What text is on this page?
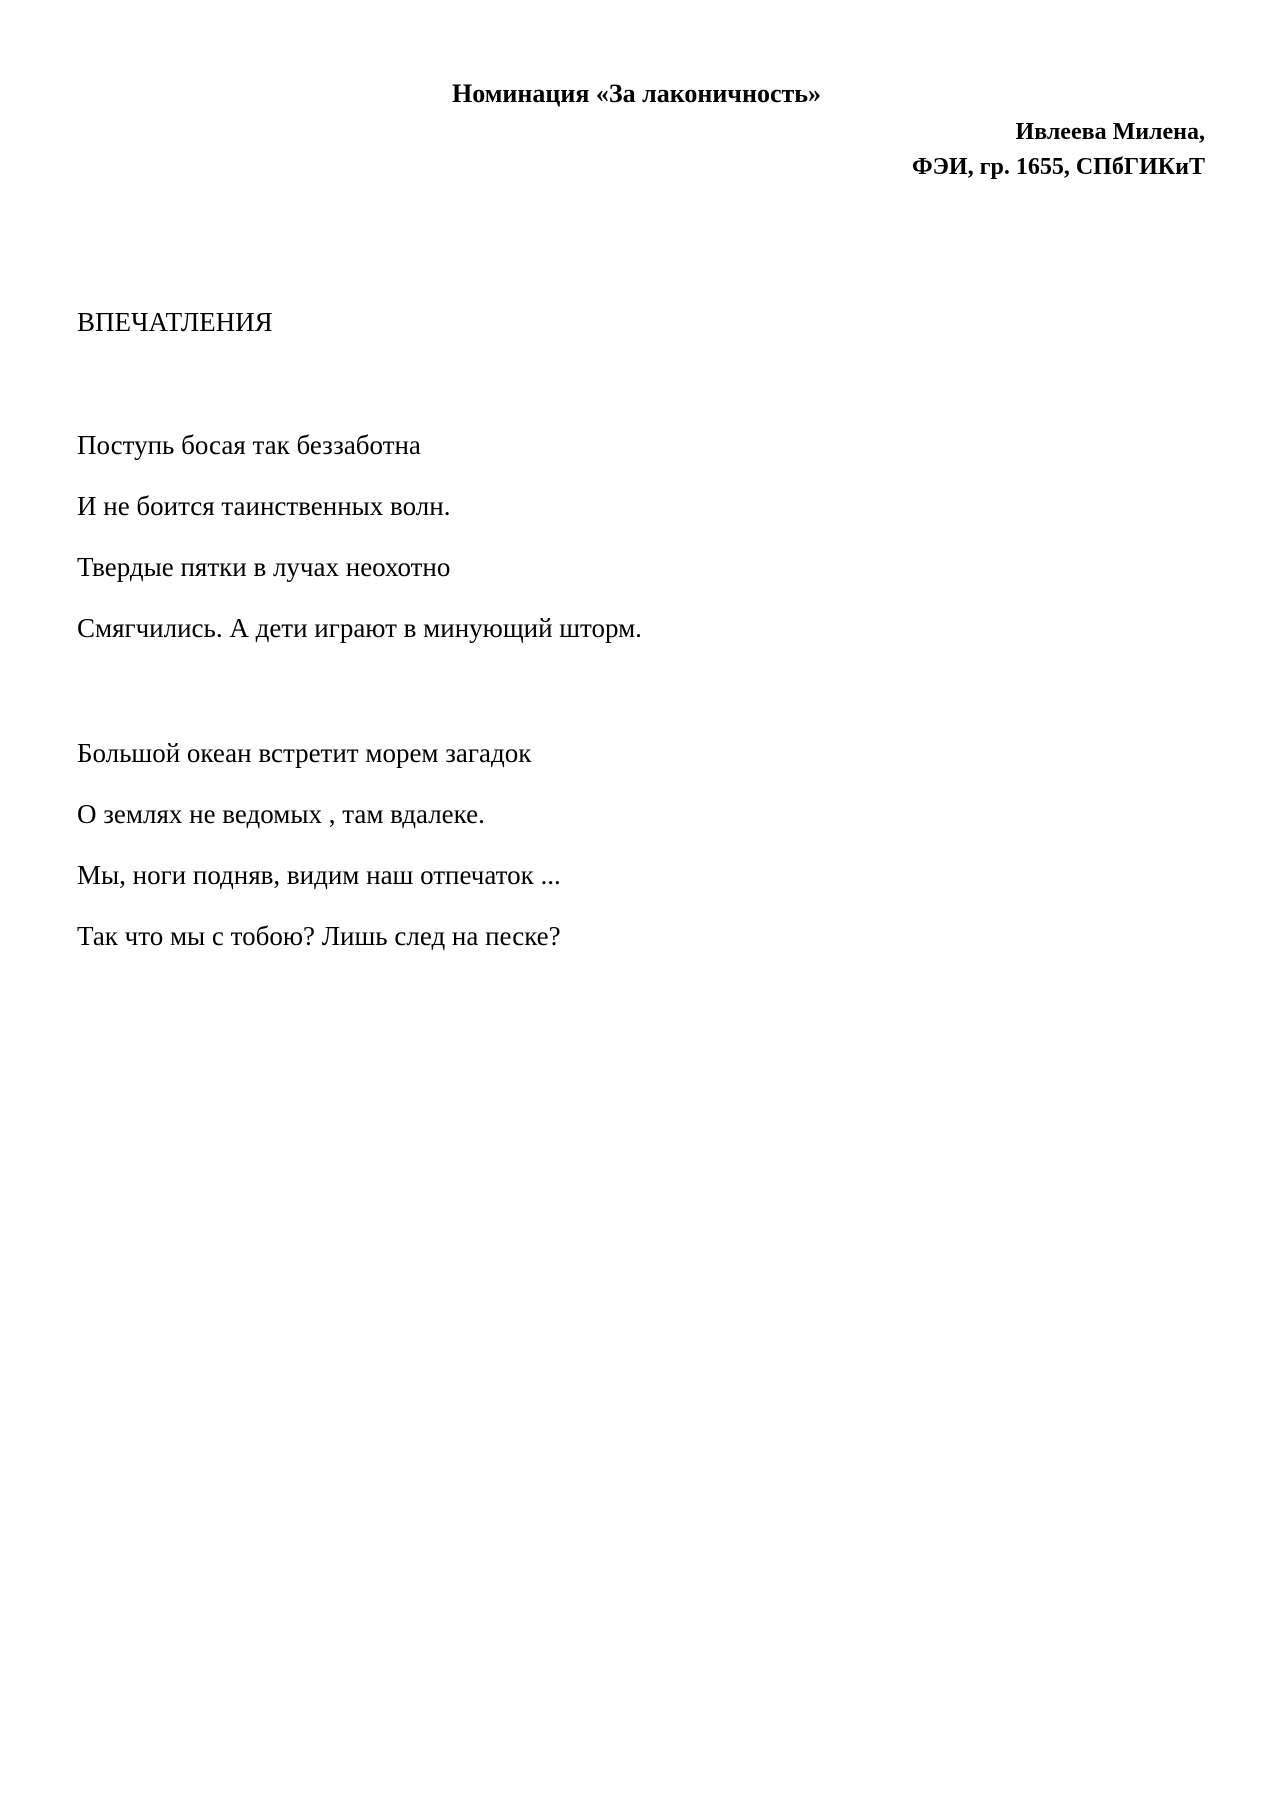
Номинация «За лаконичность»
Ивлеева Милена,
ФЭИ, гр. 1655, СПбГИКиТ
ВПЕЧАТЛЕНИЯ
Поступь босая так беззаботна
И не боится таинственных волн.
Твердые пятки в лучах неохотно
Смягчились. А дети играют в минующий шторм.
Большой океан встретит морем загадок
О землях не ведомых , там вдалеке.
Мы, ноги подняв, видим наш отпечаток ...
Так что мы с тобою? Лишь след на песке?
